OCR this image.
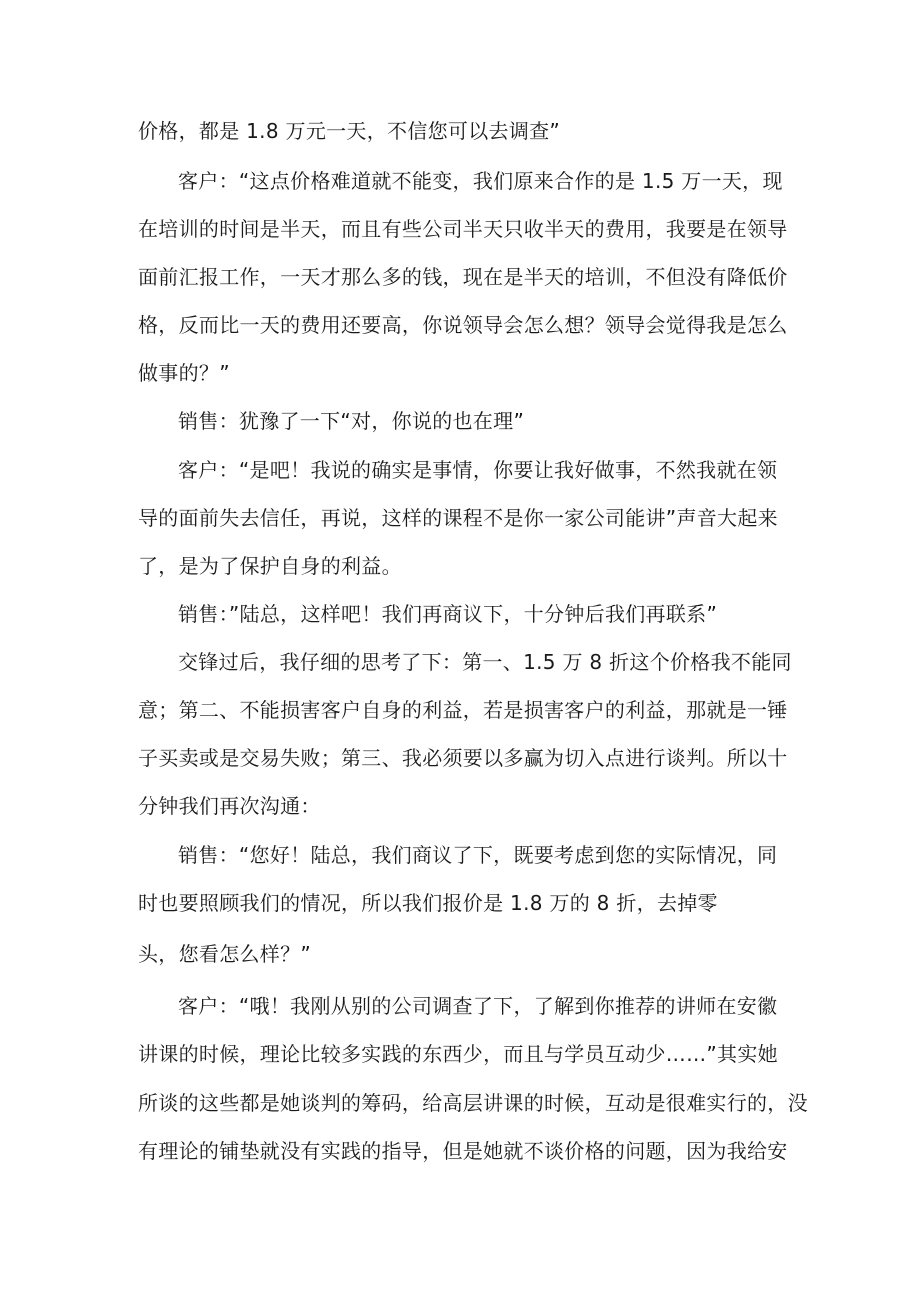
价格，都是 1.8 万元一天，不信您可以去调查”
客户：“这点价格难道就不能变，我们原来合作的是 1.5 万一天，现
在培训的时间是半天，而且有些公司半天只收半天的费用，我要是在领导
面前汇报工作，一天才那么多的钱，现在是半天的培训，不但没有降低价
格，反而比一天的费用还要高，你说领导会怎么想？领导会觉得我是怎么
做事的？”
销售：犹豫了一下“对，你说的也在理”
客户：“是吧！我说的确实是事情，你要让我好做事，不然我就在领
导的面前失去信任，再说，这样的课程不是你一家公司能讲”声音大起来
了，是为了保护自身的利益。
销售：”陆总，这样吧！我们再商议下，十分钟后我们再联系”
交锋过后，我仔细的思考了下：第一、1.5 万 8 折这个价格我不能同
意；第二、不能损害客户自身的利益，若是损害客户的利益，那就是一锤
子买卖或是交易失败；第三、我必须要以多赢为切入点进行谈判。所以十
分钟我们再次沟通：
销售：“您好！陆总，我们商议了下，既要考虑到您的实际情况，同
时也要照顾我们的情况，所以我们报价是 1.8 万的 8 折，去掉零
头，您看怎么样？”
客户：“哦！我刚从别的公司调查了下，了解到你推荐的讲师在安徽
讲课的时候，理论比较多实践的东西少，而且与学员互动少……”其实她
所谈的这些都是她谈判的筹码，给高层讲课的时候，互动是很难实行的，没
有理论的铺垫就没有实践的指导，但是她就不谈价格的问题，因为我给安
